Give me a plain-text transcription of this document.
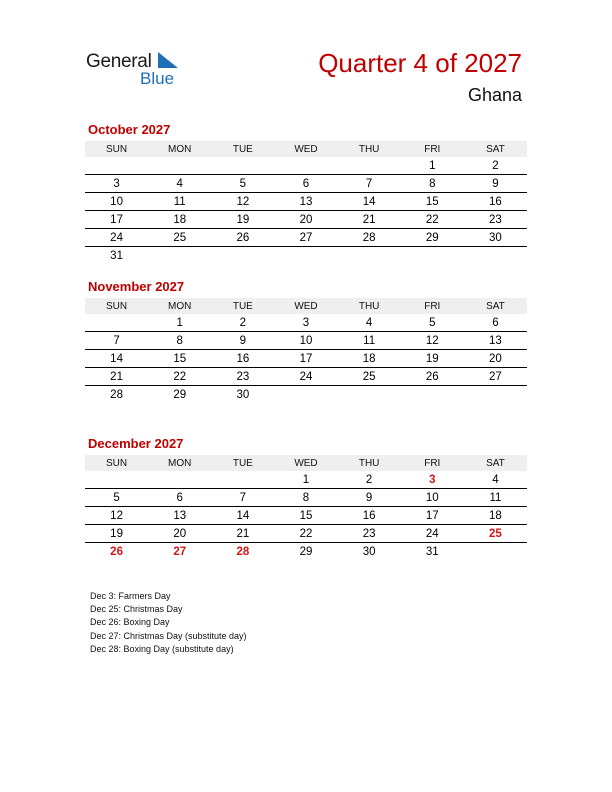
General
Blue
Quarter 4 of 2027
Ghana
October 2027
SUN	MON	TUE	WED	THU	FRI	SAT
					1	2
3	4	5	6	7	8	9
10	11	12	13	14	15	16
17	18	19	20	21	22	23
24	25	26	27	28	29	30
31						
November 2027
SUN	MON	TUE	WED	THU	FRI	SAT
	1	2	3	4	5	6
7	8	9	10	11	12	13
14	15	16	17	18	19	20
21	22	23	24	25	26	27
28	29	30				
December 2027
SUN	MON	TUE	WED	THU	FRI	SAT
			1	2	3	4
5	6	7	8	9	10	11
12	13	14	15	16	17	18
19	20	21	22	23	24	25
26	27	28	29	30	31	
Dec 3: Farmers Day
Dec 25: Christmas Day
Dec 26: Boxing Day
Dec 27: Christmas Day (substitute day)
Dec 28: Boxing Day (substitute day)
